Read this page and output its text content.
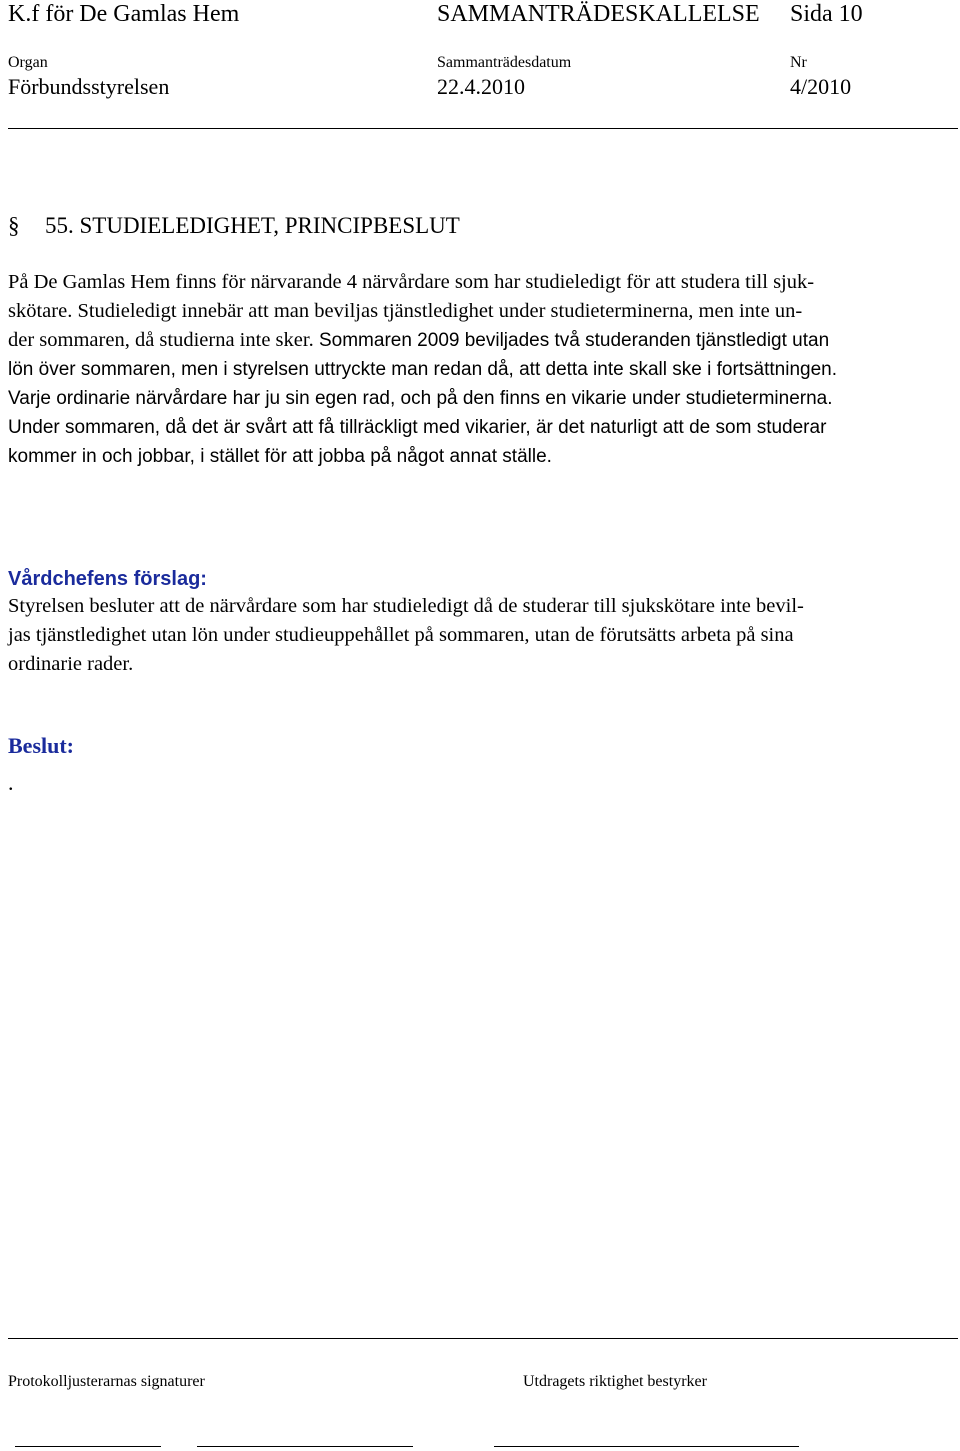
K.f för De Gamlas Hem	SAMMANTRÄDESKALLELSE Sida 10
Organ	Sammanträdesdatum	Nr
Förbundsstyrelsen	22.4.2010	4/2010
§ 55. STUDIELEDIGHET, PRINCIPBESLUT
På De Gamlas Hem finns för närvarande 4 närvårdare som har studieledigt för att studera till sjuk-
skötare. Studieledigt innebär att man beviljas tjänstledighet under studieterminerna, men inte un-
der sommaren, då studierna inte sker. Sommaren 2009 beviljades två studeranden tjänstledigt utan
lön över sommaren, men i styrelsen uttryckte man redan då, att detta inte skall ske i fortsättningen.
Varje ordinarie närvårdare har ju sin egen rad, och på den finns en vikarie under studieterminerna.
Under sommaren, då det är svårt att få tillräckligt med vikarier, är det naturligt att de som studerar
kommer in och jobbar, i stället för att jobba på något annat ställe.
Vårdchefens förslag:
Styrelsen besluter att de närvårdare som har studieledigt då de studerar till sjukskötare inte bevil-
jas tjänstledighet utan lön under studieuppehållet på sommaren, utan de förutsätts arbeta på sina
ordinarie rader.
Beslut:
.
Protokolljusterarnas signaturer	Utdragets riktighet bestyrker
